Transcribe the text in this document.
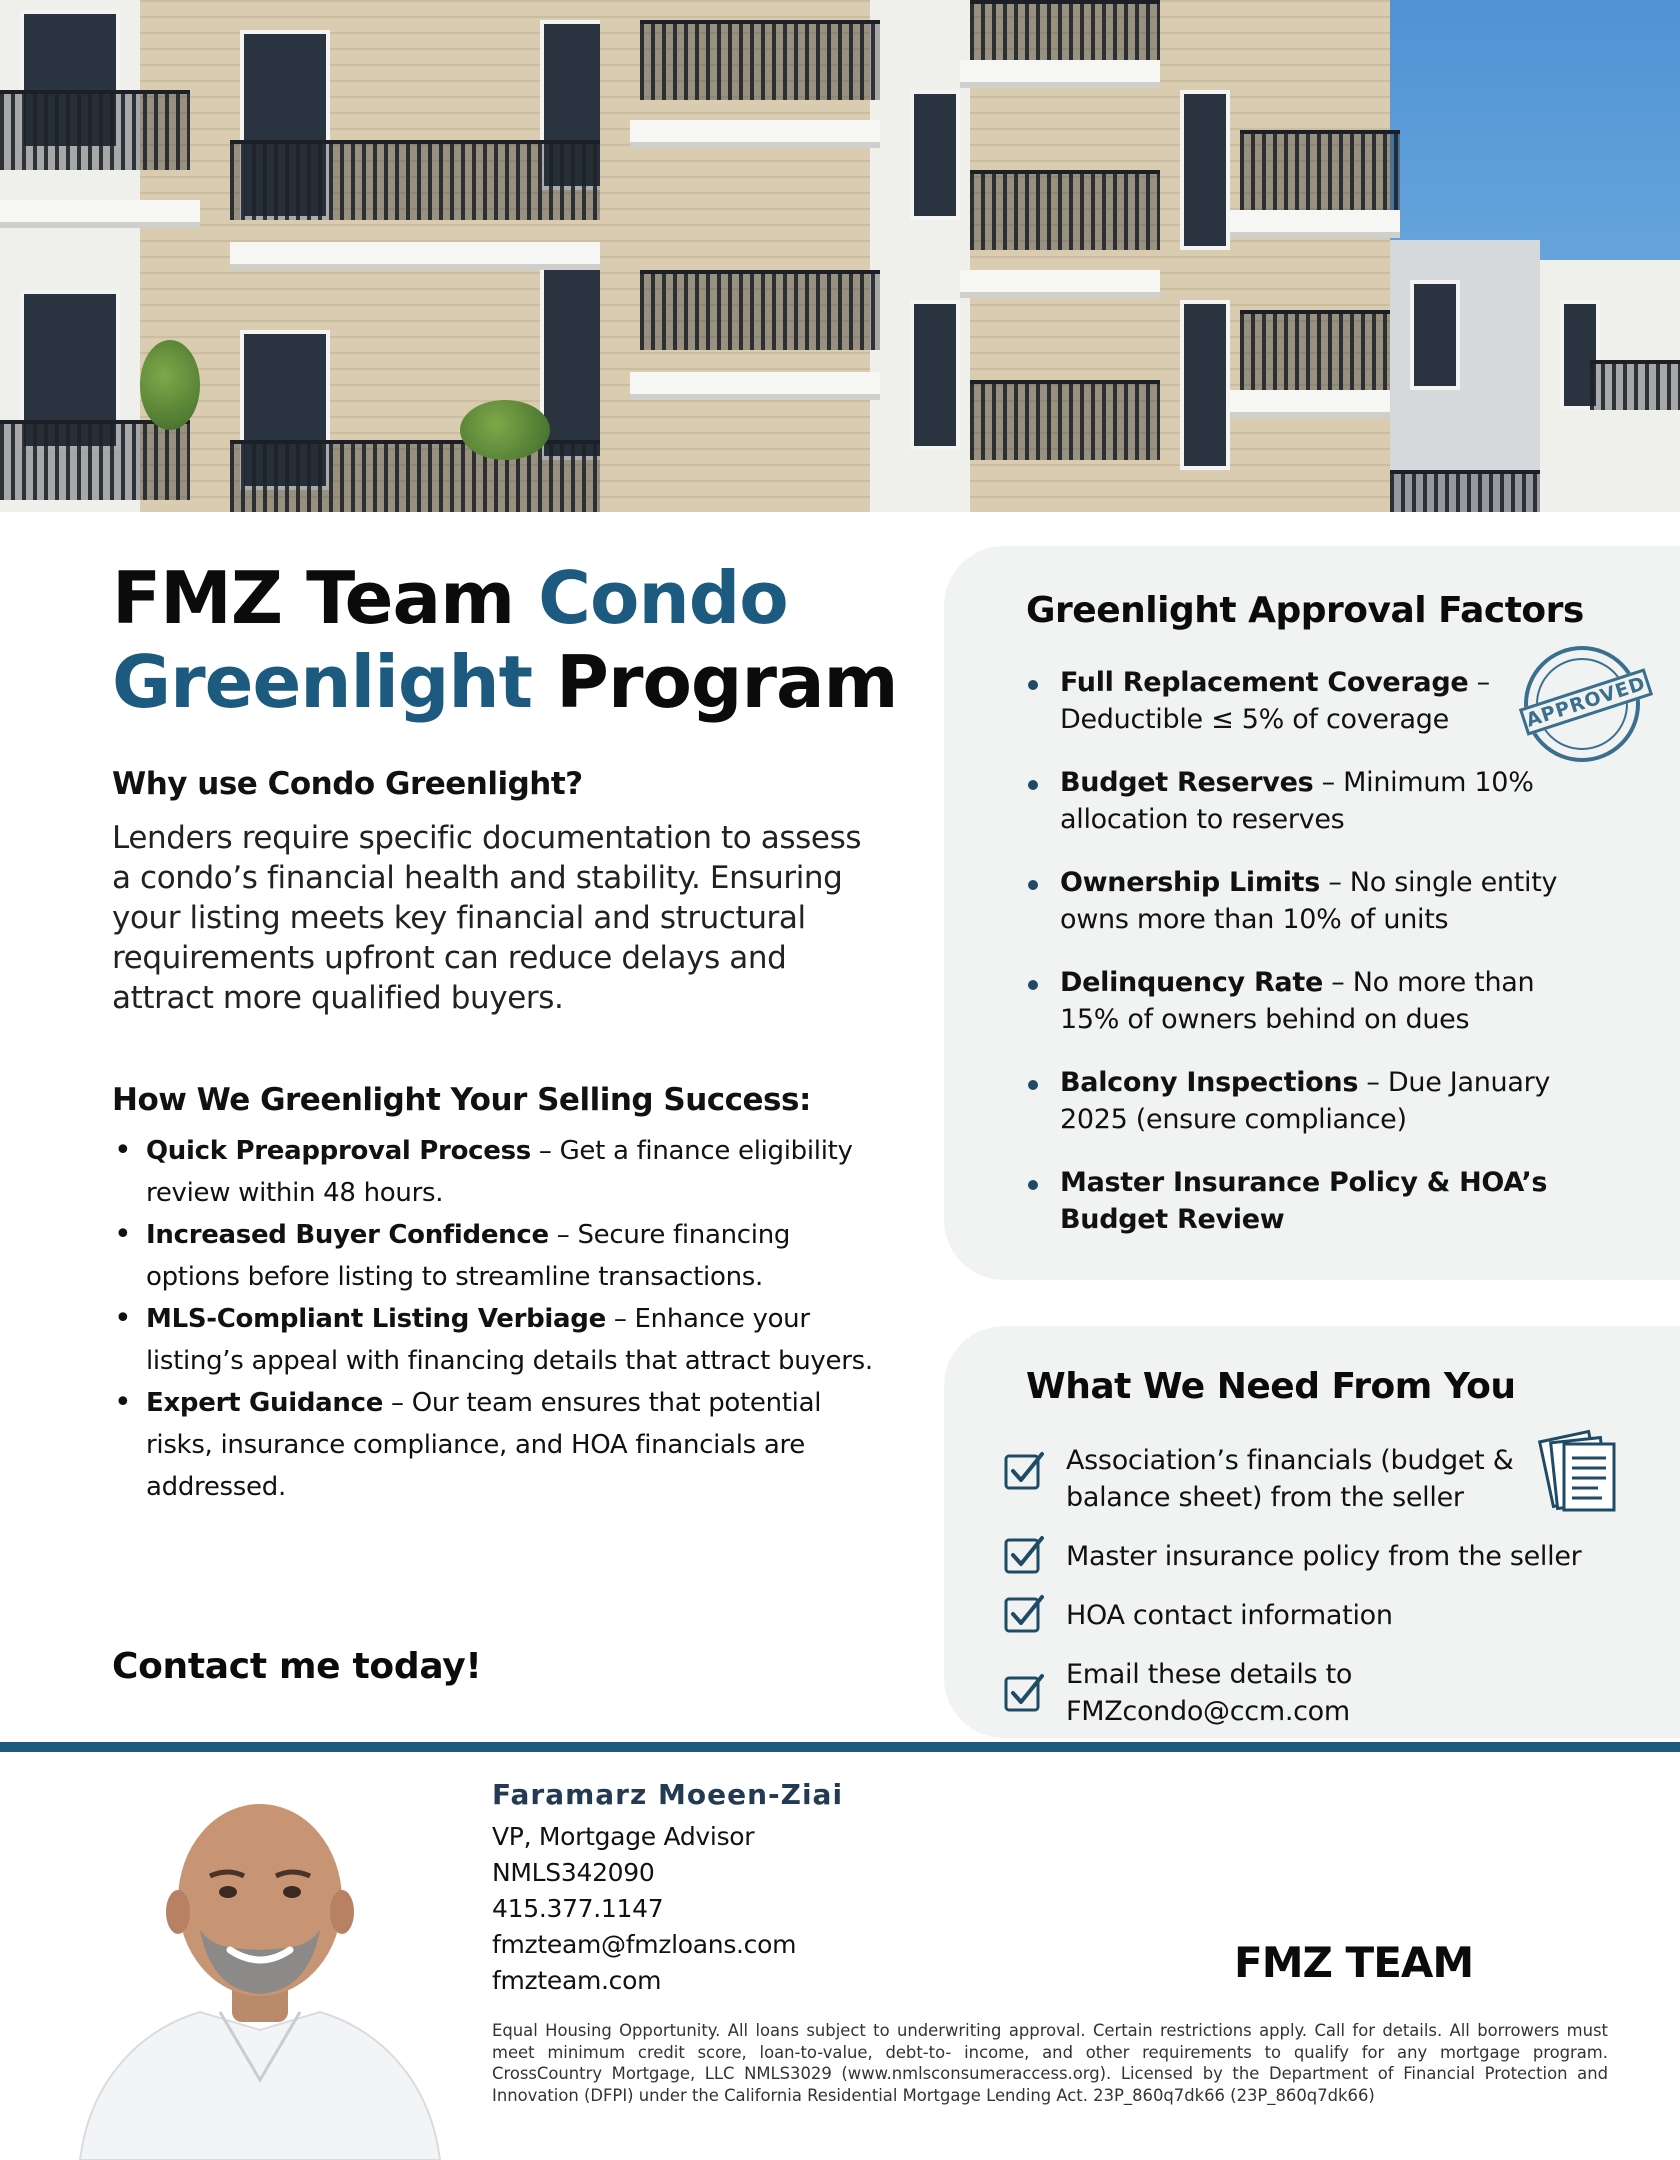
FMZ Team Condo
Greenlight Program
Why use Condo Greenlight?

Lenders require specific documentation to assess a condo’s financial health and stability. Ensuring your listing meets key financial and structural requirements upfront can reduce delays and attract more qualified buyers.

How We Greenlight Your Selling Success:
• Quick Preapproval Process – Get a finance eligibility review within 48 hours.
• Increased Buyer Confidence – Secure financing options before listing to streamline transactions.
• MLS-Compliant Listing Verbiage – Enhance your listing’s appeal with financing details that attract buyers.
• Expert Guidance – Our team ensures that potential risks, insurance compliance, and HOA financials are addressed.
Contact me today!
Greenlight Approval Factors
APPROVED
Full Replacement Coverage – Deductible ≤ 5% of coverage
Budget Reserves – Minimum 10% allocation to reserves
Ownership Limits – No single entity owns more than 10% of units
Delinquency Rate – No more than 15% of owners behind on dues
Balcony Inspections – Due January 2025 (ensure compliance)
Master Insurance Policy & HOA’s Budget Review
What We Need From You
Association’s financials (budget & balance sheet) from the seller
Master insurance policy from the seller
HOA contact information
Email these details to FMZcondo@ccm.com
Faramarz Moeen-Ziai
VP, Mortgage Advisor
NMLS342090
415.377.1147
fmzteam@fmzloans.com
fmzteam.com	FMZ TEAM

Equal Housing Opportunity. All loans subject to underwriting approval. Certain restrictions apply. Call for details. All borrowers must meet minimum credit score, loan-to-value, debt-to- income, and other requirements to qualify for any mortgage program. CrossCountry Mortgage, LLC NMLS3029 (www.nmlsconsumeraccess.org). Licensed by the Department of Financial Protection and Innovation (DFPI) under the California Residential Mortgage Lending Act. 23P_860q7dk66 (23P_860q7dk66)
